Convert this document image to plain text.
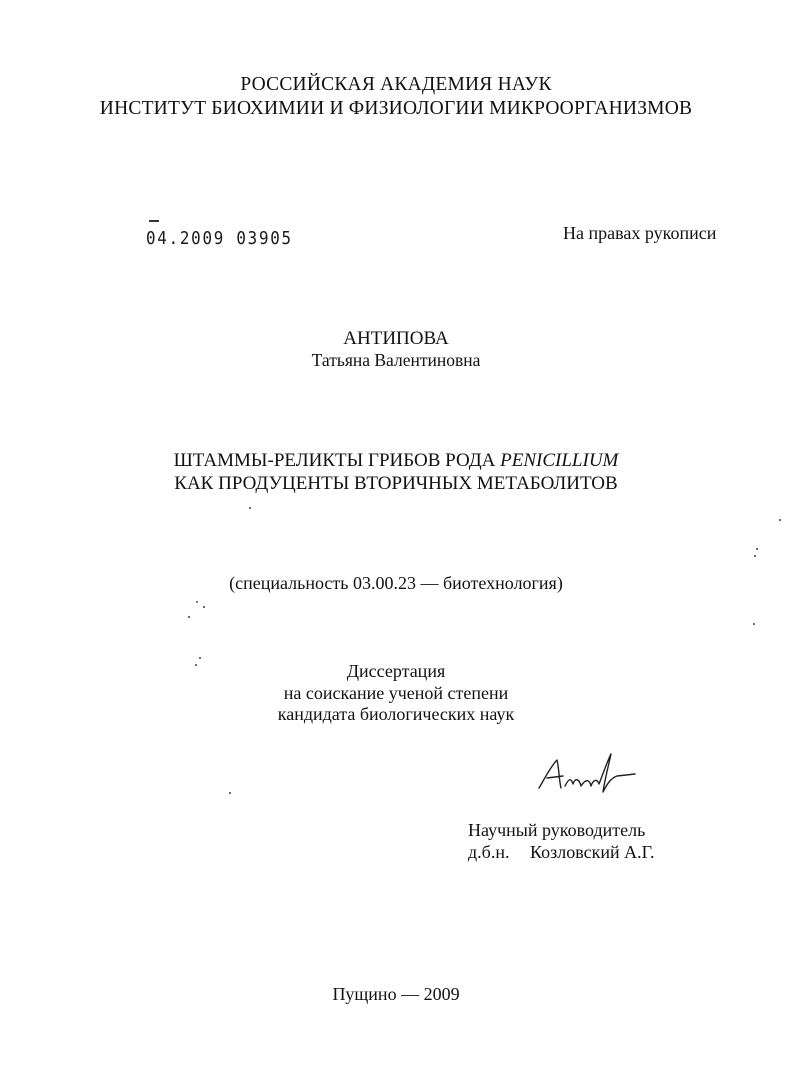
РОССИЙСКАЯ АКАДЕМИЯ НАУК
ИНСТИТУТ БИОХИМИИ И ФИЗИОЛОГИИ МИКРООРГАНИЗМОВ
04.2009 03905	На правах рукописи
АНТИПОВА
Татьяна Валентиновна
ШТАММЫ-РЕЛИКТЫ ГРИБОВ РОДА PENICILLIUM
КАК ПРОДУЦЕНТЫ ВТОРИЧНЫХ МЕТАБОЛИТОВ
(специальность 03.00.23 — биотехнология)
Диссертация
на соискание ученой степени
кандидата биологических наук
Научный руководитель
д.б.н. Козловский А.Г.
Пущино — 2009
